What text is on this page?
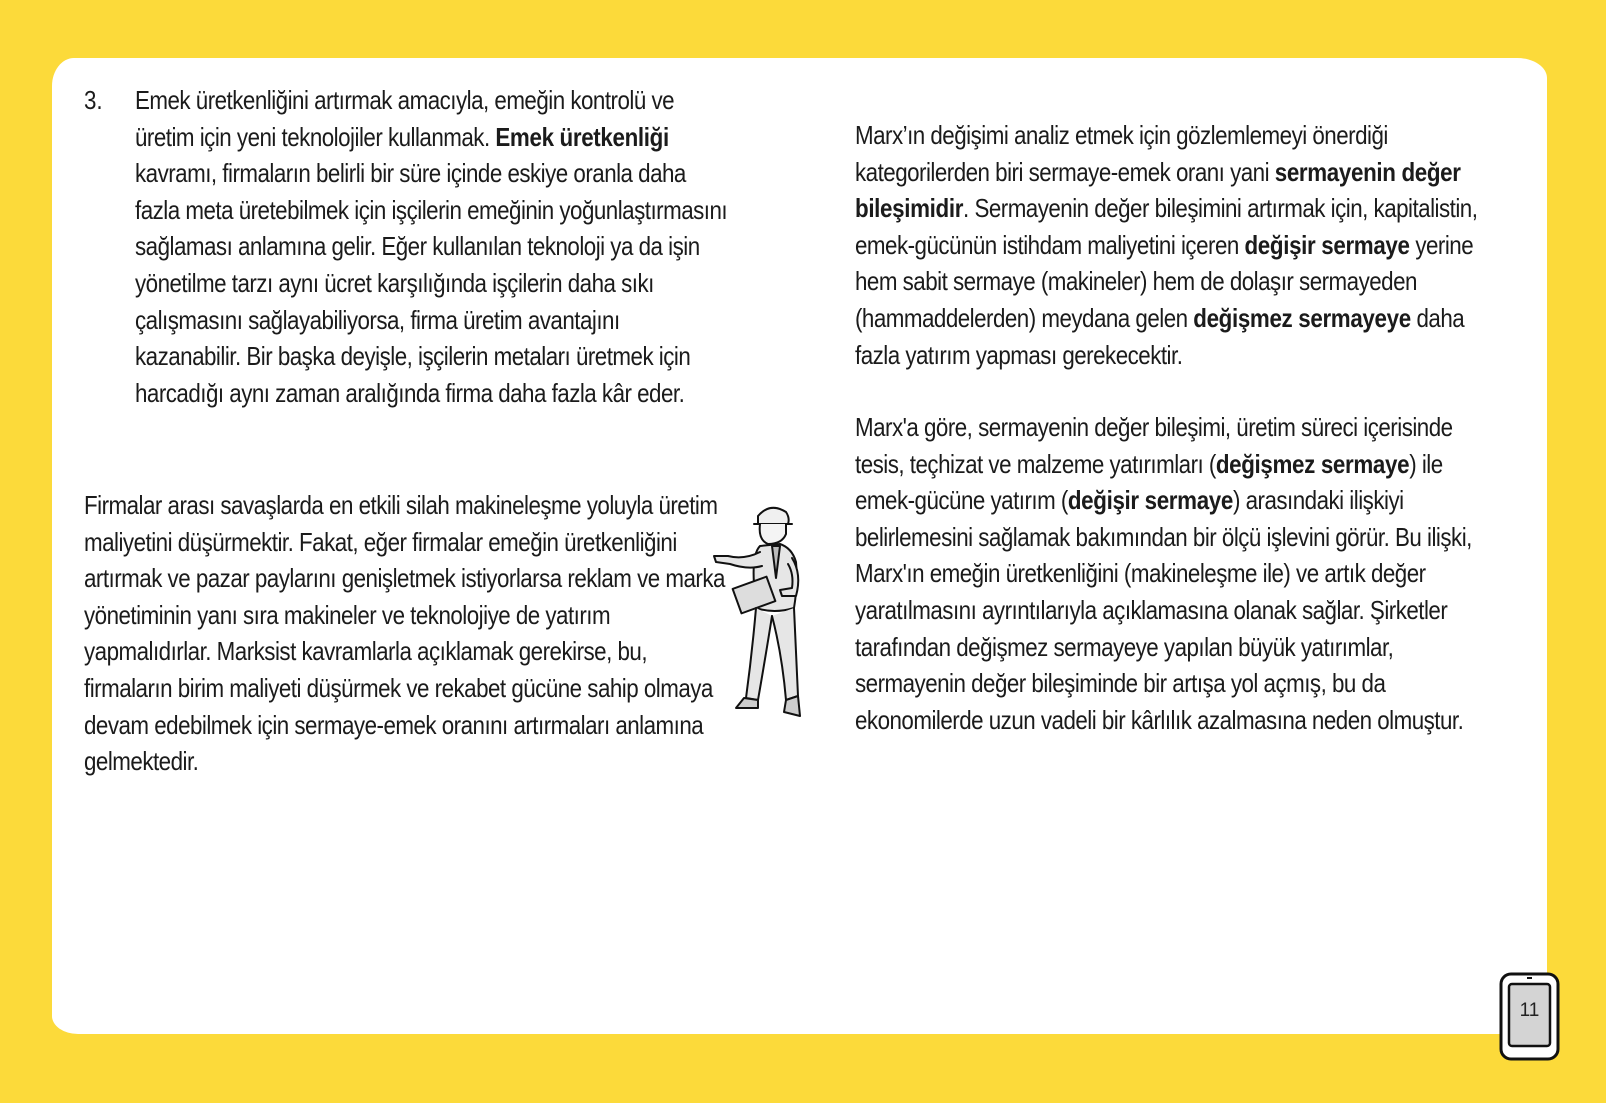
3. Emek üretkenliğini artırmak amacıyla, emeğin kontrolü ve üretim için yeni teknolojiler kullanmak. Emek üretkenliği kavramı, firmaların belirli bir süre içinde eskiye oranla daha fazla meta üretebilmek için işçilerin emeğinin yoğunlaştırmasını sağlaması anlamına gelir. Eğer kullanılan teknoloji ya da işin yönetilme tarzı aynı ücret karşılığında işçilerin daha sıkı çalışmasını sağlayabiliyorsa, firma üretim avantajını kazanabilir. Bir başka deyişle, işçilerin metaları üretmek için harcadığı aynı zaman aralığında firma daha fazla kâr eder.
Firmalar arası savaşlarda en etkili silah makineleşme yoluyla üretim maliyetini düşürmektir. Fakat, eğer firmalar emeğin üretkenliğini artırmak ve pazar paylarını genişletmek istiyorlarsa reklam ve marka yönetiminin yanı sıra makineler ve teknolojiye de yatırım yapmalıdırlar. Marksist kavramlarla açıklamak gerekirse, bu, firmaların birim maliyeti düşürmek ve rekabet gücüne sahip olmaya devam edebilmek için sermaye-emek oranını artırmaları anlamına gelmektedir.
Marx’ın değişimi analiz etmek için gözlemlemeyi önerdiği kategorilerden biri sermaye-emek oranı yani sermayenin değer bileşimidir. Sermayenin değer bileşimini artırmak için, kapitalistin, emek-gücünün istihdam maliyetini içeren değişir sermaye yerine hem sabit sermaye (makineler) hem de dolaşır sermayeden (hammaddelerden) meydana gelen değişmez sermayeye daha fazla yatırım yapması gerekecektir.
Marx'a göre, sermayenin değer bileşimi, üretim süreci içerisinde tesis, teçhizat ve malzeme yatırımları (değişmez sermaye) ile emek-gücüne yatırım (değişir sermaye) arasındaki ilişkiyi belirlemesini sağlamak bakımından bir ölçü işlevini görür. Bu ilişki, Marx'ın emeğin üretkenliğini (makineleşme ile) ve artık değer yaratılmasını ayrıntılarıyla açıklamasına olanak sağlar. Şirketler tarafından değişmez sermayeye yapılan büyük yatırımlar, sermayenin değer bileşiminde bir artışa yol açmış, bu da ekonomilerde uzun vadeli bir kârlılık azalmasına neden olmuştur.
11
